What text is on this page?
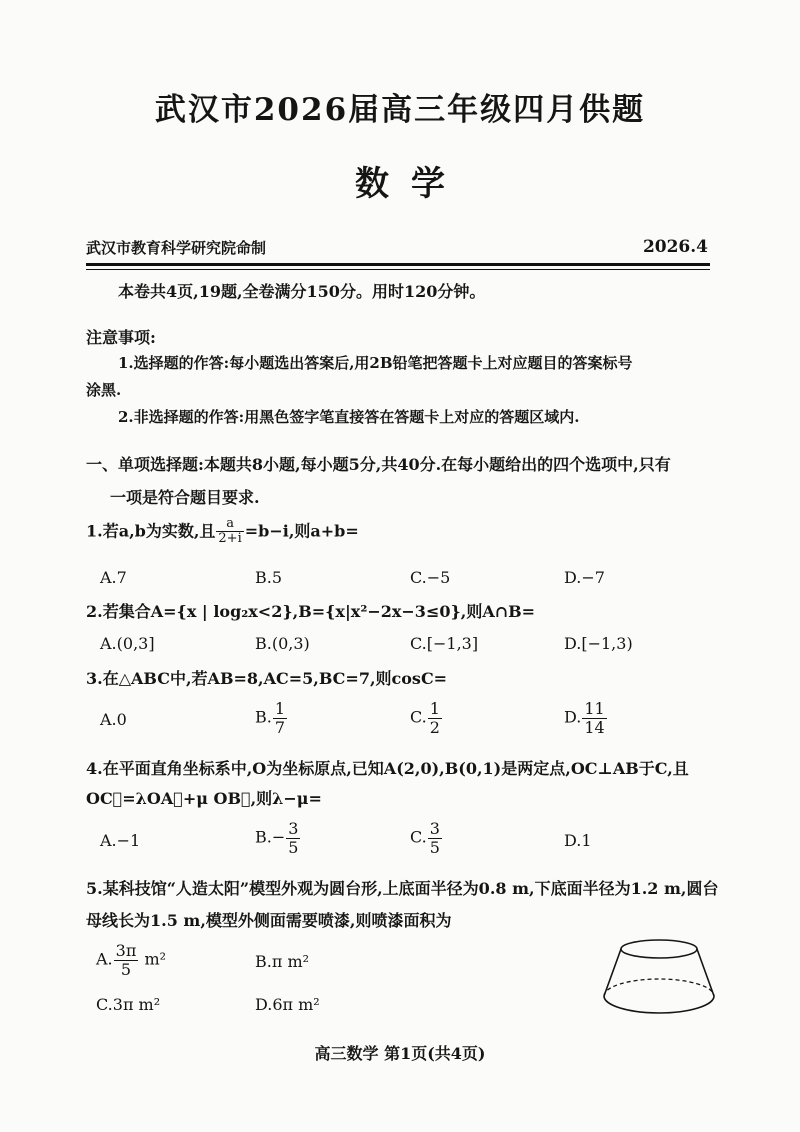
武汉市2026届高三年级四月供题
数学
武汉市教育科学研究院命制	2026.4
本卷共4页,19题,全卷满分150分。用时120分钟。
注意事项:
1.选择题的作答:每小题选出答案后,用2B铅笔把答题卡上对应题目的答案标号
涂黑.
2.非选择题的作答:用黑色签字笔直接答在答题卡上对应的答题区域内.
一、单项选择题:本题共8小题,每小题5分,共40分.在每小题给出的四个选项中,只有
一项是符合题目要求.
1.若a,b为实数,且 $\frac{a}{2+i} =b-i$,则a+b=
A.7	B.5	C.−5	D.−7
2.若集合A={x | log₂x<2},B={x|x²−2x−3≤0},则A∩B=
A.(0,3]	B.(0,3)	C.[−1,3]	D.[−1,3)
3.在△ABC中,若AB=8,AC=5,BC=7,则cosC=
A.0	B. $\frac{1}{7}$	C. $\frac{1}{2}$	D. $\frac{11}{14}$
4.在平面直角坐标系中,O为坐标原点,已知A(2,0),B(0,1)是两定点,OC⊥AB于C,且
OC⃗=λOA⃗+μ OB⃗,则λ−μ=
A.−1	$B.- \frac{3}{5}$	C. $\frac{3}{5}$	D.1
5.某科技馆“人造太阳”模型外观为圆台形,上底面半径为0.8 m,下底面半径为1.2 m,圆台
母线长为1.5 m,模型外侧面需要喷漆,则喷漆面积为
A. $\frac{3\pi}{5} m^2$	B.π m²
C.3π m²	D.6π m²
高三数学 第1页(共4页)
